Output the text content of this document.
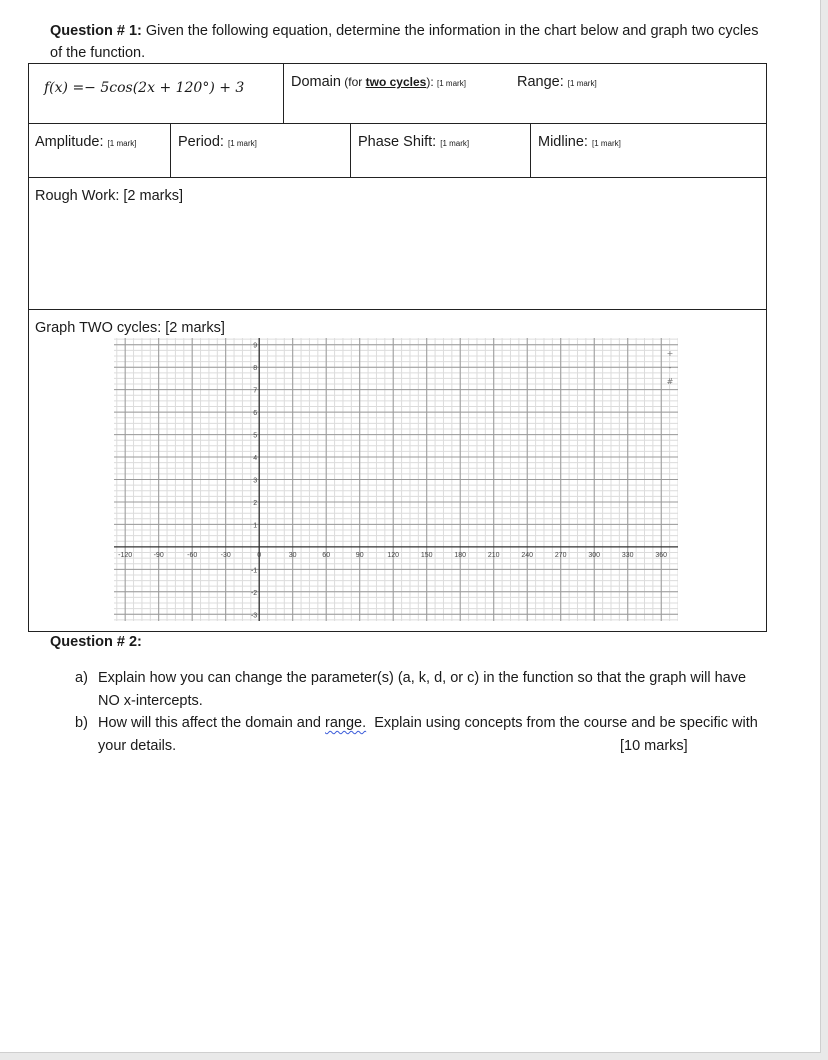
Question # 1: Given the following equation, determine the information in the chart below and graph two cycles of the function.
f(x) =− 5cos(2x + 120°) + 3	Domain (for two cycles): [1 mark]	Range: [1 mark]
Amplitude: [1 mark]	Period: [1 mark]	Phase Shift: [1 mark]	Midline: [1 mark]
Rough Work: [2 marks]
Graph TWO cycles: [2 marks]
-120	-90	-60	-30	0	30	60	90	120	150	180	210	240	270	300	330	360
9
8
7
6
5
4
3
2
1
-1
-2
-3
+
-
#
Question # 2:
a) Explain how you can change the parameter(s) (a, k, d, or c) in the function so that the graph will have
NO x-intercepts.
b) How will this affect the domain and range.  Explain using concepts from the course and be specific with
your details.	[10 marks]
